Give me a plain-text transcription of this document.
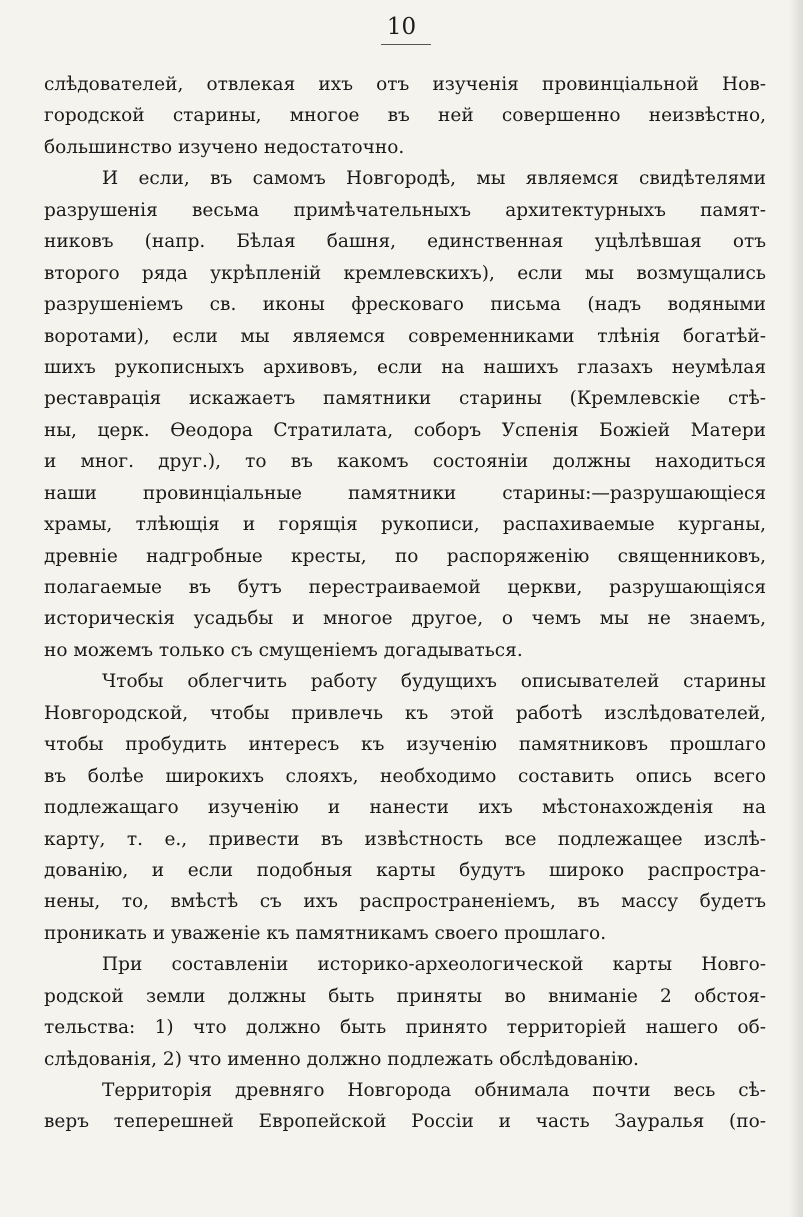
10
слѣдователей, отвлекая ихъ отъ изученія провинціальной Нов-
городской старины, многое въ ней совершенно неизвѣстно,
большинство изучено недостаточно.
И если, въ самомъ Новгородѣ, мы являемся свидѣтелями
разрушенія весьма примѣчательныхъ архитектурныхъ памят-
никовъ (напр. Бѣлая башня, единственная уцѣлѣвшая отъ
второго ряда укрѣпленій кремлевскихъ), если мы возмущались
разрушеніемъ св. иконы фресковаго письма (надъ водяными
воротами), если мы являемся современниками тлѣнія богатѣй-
шихъ рукописныхъ архивовъ, если на нашихъ глазахъ неумѣлая
реставрація искажаетъ памятники старины (Кремлевскіе стѣ-
ны, церк. Ѳеодора Стратилата, соборъ Успенія Божіей Матери
и мног. друг.), то въ какомъ состояніи должны находиться
наши провинціальные памятники старины:—разрушающіеся
храмы, тлѣющія и горящія рукописи, распахиваемые курганы,
древніе надгробные кресты, по распоряженію священниковъ,
полагаемые въ бутъ перестраиваемой церкви, разрушающіяся
историческія усадьбы и многое другое, о чемъ мы не знаемъ,
но можемъ только съ смущеніемъ догадываться.
Чтобы облегчить работу будущихъ описывателей старины
Новгородской, чтобы привлечь къ этой работѣ изслѣдователей,
чтобы пробудить интересъ къ изученію памятниковъ прошлаго
въ болѣе широкихъ слояхъ, необходимо составить опись всего
подлежащаго изученію и нанести ихъ мѣстонахожденія на
карту, т. е., привести въ извѣстность все подлежащее изслѣ-
дованію, и если подобныя карты будутъ широко распростра-
нены, то, вмѣстѣ съ ихъ распространеніемъ, въ массу будетъ
проникать и уваженіе къ памятникамъ своего прошлаго.
При составленіи историко-археологической карты Новго-
родской земли должны быть приняты во вниманіе 2 обстоя-
тельства: 1) что должно быть принято территоріей нашего об-
слѣдованія, 2) что именно должно подлежать обслѣдованію.
Территорія древняго Новгорода обнимала почти весь сѣ-
веръ теперешней Европейской Россіи и часть Зауралья (по-
